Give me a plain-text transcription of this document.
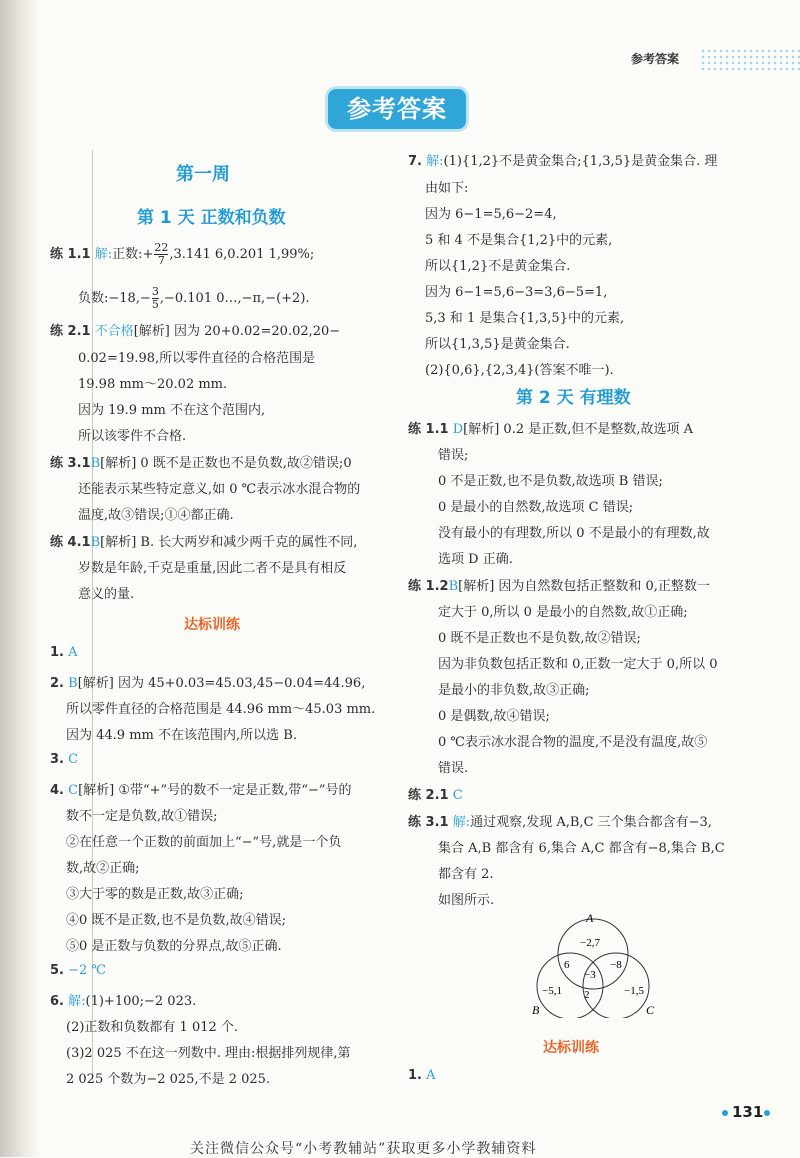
参考答案
参考答案
第一周
第 1 天 正数和负数
练 1.1 解:正数:+ $\frac{22}{7} ,3.141$ 6,0.201 1,99%;
负数:−18,− $\frac{3}{5} ,-0.101$ 0…,−π,−(+2).
练 2.1 不合格[解析] 因为 20+0.02=20.02,20−
0.02=19.98,所以零件直径的合格范围是
19.98 mm～20.02 mm.
因为 19.9 mm 不在这个范围内,
所以该零件不合格.
练 3.1B[解析] 0 既不是正数也不是负数,故②错误;0
还能表示某些特定意义,如 0 ℃表示冰水混合物的
温度,故③错误;①④都正确.
练 4.1B[解析] B. 长大两岁和减少两千克的属性不同,
岁数是年龄,千克是重量,因此二者不是具有相反
意义的量.
达标训练
1. A
2. B[解析] 因为 45+0.03=45.03,45−0.04=44.96,
所以零件直径的合格范围是 44.96 mm～45.03 mm.
因为 44.9 mm 不在该范围内,所以选 B.
3. C
4. C[解析] ①带“+”号的数不一定是正数,带“−”号的
数不一定是负数,故①错误;
②在任意一个正数的前面加上“−”号,就是一个负
数,故②正确;
③大于零的数是正数,故③正确;
④0 既不是正数,也不是负数,故④错误;
⑤0 是正数与负数的分界点,故⑤正确.
5. −2 ℃
6. 解:(1)+100;−2 023.
(2)正数和负数都有 1 012 个.
(3)2 025 不在这一列数中. 理由:根据排列规律,第
2 025 个数为−2 025,不是 2 025.
7. 解:(1){1,2}不是黄金集合;{1,3,5}是黄金集合. 理
由如下:
因为 6−1=5,6−2=4,
5 和 4 不是集合{1,2}中的元素,
所以{1,2}不是黄金集合.
因为 6−1=5,6−3=3,6−5=1,
5,3 和 1 是集合{1,3,5}中的元素,
所以{1,3,5}是黄金集合.
(2){0,6},{2,3,4}(答案不唯一).
第 2 天 有理数
练 1.1 D[解析] 0.2 是正数,但不是整数,故选项 A
错误;
0 不是正数,也不是负数,故选项 B 错误;
0 是最小的自然数,故选项 C 错误;
没有最小的有理数,所以 0 不是最小的有理数,故
选项 D 正确.
练 1.2B[解析] 因为自然数包括正整数和 0,正整数一
定大于 0,所以 0 是最小的自然数,故①正确;
0 既不是正数也不是负数,故②错误;
因为非负数包括正数和 0,正数一定大于 0,所以 0
是最小的非负数,故③正确;
0 是偶数,故④错误;
0 ℃表示冰水混合物的温度,不是没有温度,故⑤
错误.
练 2.1 C
练 3.1 解:通过观察,发现 A,B,C 三个集合都含有−3,
集合 A,B 都含有 6,集合 A,C 都含有−8,集合 B,C
都含有 2.
如图所示.
A
B	C
−2,7
−5,1	−1,5
6	−8
2
−3
达标训练
1. A
131
关注微信公众号“小考教辅站”获取更多小学教辅资料
